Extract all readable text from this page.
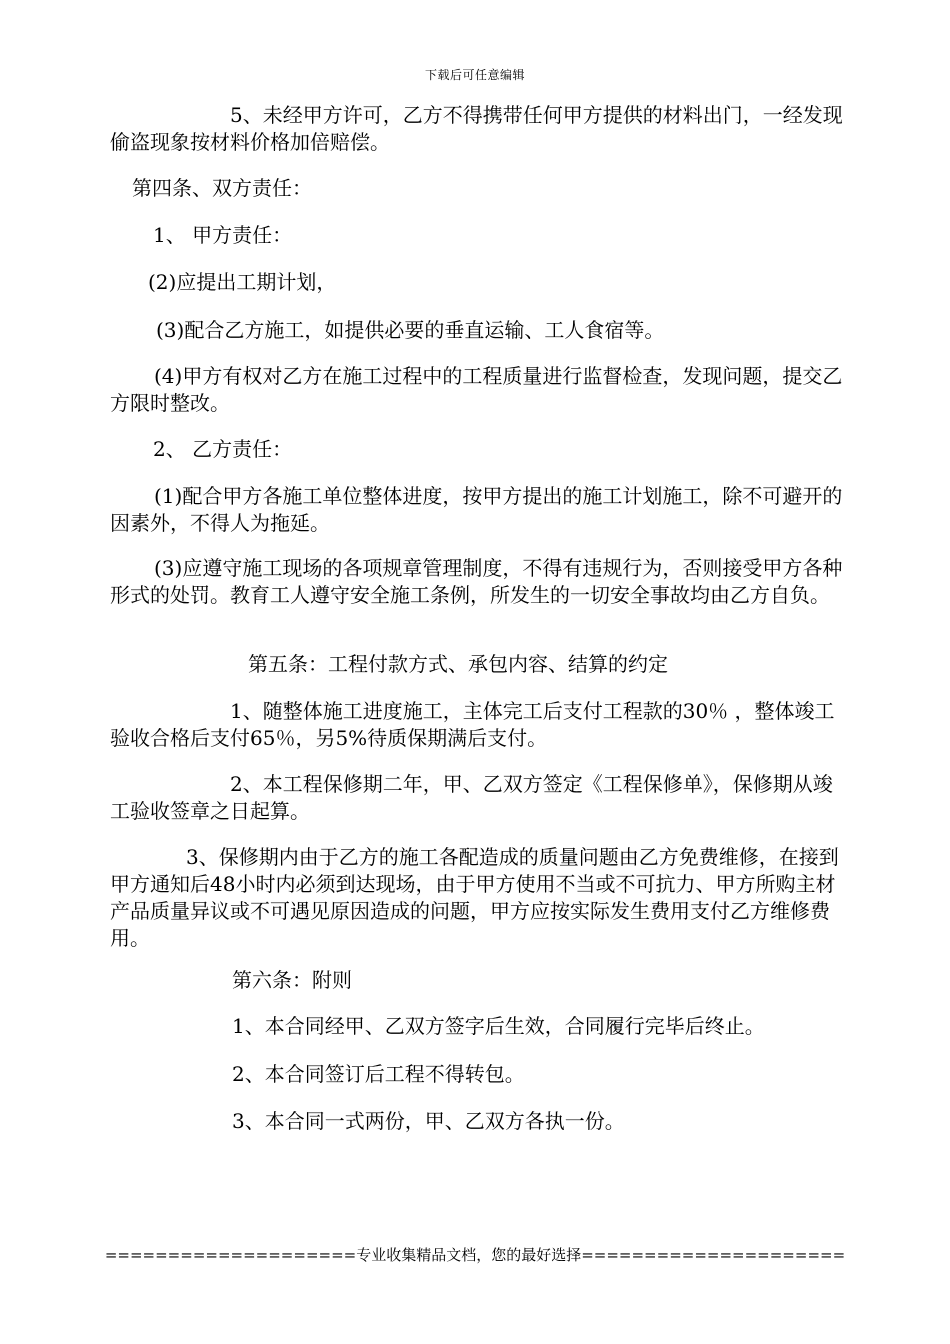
下载后可任意编辑

5、未经甲方许可，乙方不得携带任何甲方提供的材料出门，一经发现偷盗现象按材料价格加倍赔偿。

第四条、双方责任：

1、 甲方责任：

(2)应提出工期计划，

(3)配合乙方施工，如提供必要的垂直运输、工人食宿等。

(4)甲方有权对乙方在施工过程中的工程质量进行监督检查，发现问题，提交乙方限时整改。

2、 乙方责任：

(1)配合甲方各施工单位整体进度，按甲方提出的施工计划施工，除不可避开的因素外，不得人为拖延。

(3)应遵守施工现场的各项规章管理制度，不得有违规行为，否则接受甲方各种形式的处罚。教育工人遵守安全施工条例，所发生的一切安全事故均由乙方自负。

第五条：工程付款方式、承包内容、结算的约定

1、随整体施工进度施工，主体完工后支付工程款的30％ ，整体竣工验收合格后支付65％，另5%待质保期满后支付。

2、本工程保修期二年，甲、乙双方签定《工程保修单》，保修期从竣工验收签章之日起算。

3、保修期内由于乙方的施工各配造成的质量问题由乙方免费维修，在接到甲方通知后48小时内必须到达现场，由于甲方使用不当或不可抗力、甲方所购主材产品质量异议或不可遇见原因造成的问题，甲方应按实际发生费用支付乙方维修费用。

第六条：附则

1、本合同经甲、乙双方签字后生效，合同履行完毕后终止。

2、本合同签订后工程不得转包。

3、本合同一式两份，甲、乙双方各执一份。

====================专业收集精品文档，您的最好选择=====================
